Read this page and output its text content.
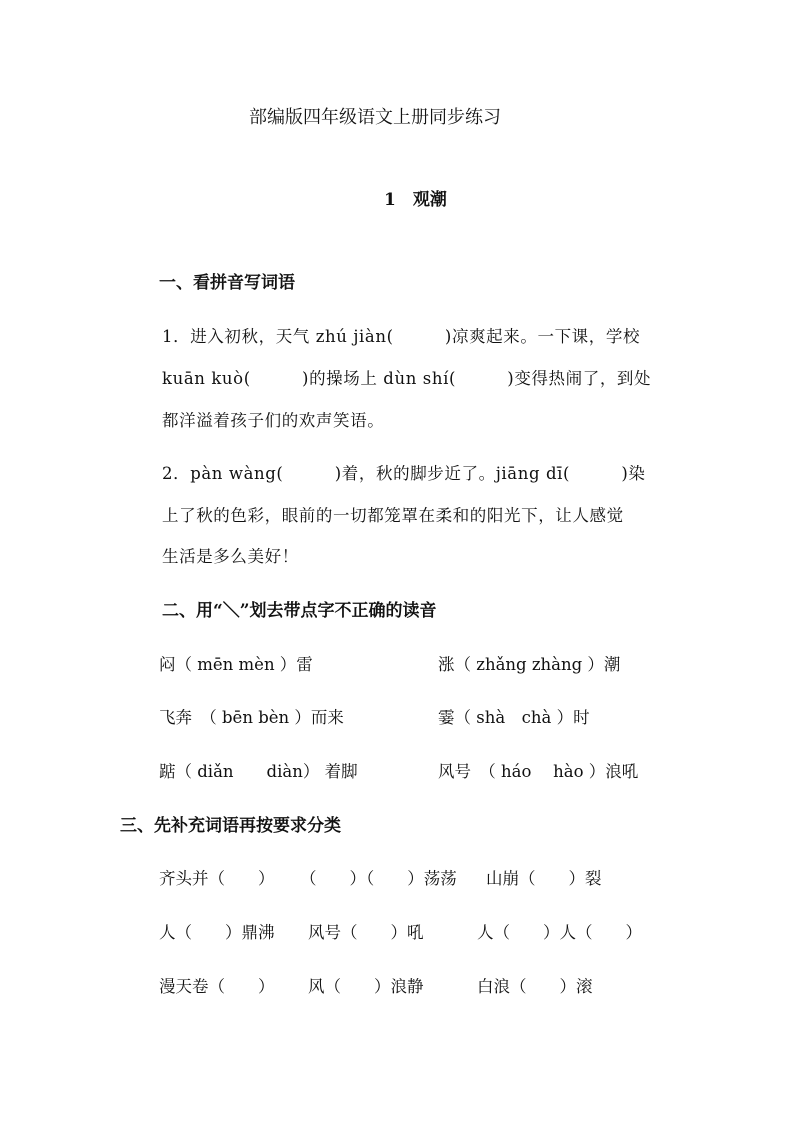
部编版四年级语文上册同步练习
1　观潮
一、看拼音写词语
1．进入初秋，天气 zhú jiàn(　　　)凉爽起来。一下课，学校
kuān kuò(　　　)的操场上 dùn shí(　　　)变得热闹了，到处
都洋溢着孩子们的欢声笑语。
2．pàn wàng(　　　)着，秋的脚步近了。jiāng dī(　　　)染
上了秋的色彩，眼前的一切都笼罩在柔和的阳光下，让人感觉
生活是多么美好！
二、用“＼”划去带点字不正确的读音
闷（ mēn mèn ）雷	涨（ zhǎng zhàng ）潮
飞奔　（ bēn bèn ）而来	霎（ shà　chà ）时
踮（ diǎn　　diàn） 着脚	风号　（ háo　 hào ）浪吼
三、先补充词语再按要求分类
齐头并（　　） （　　）（　　）荡荡 山崩（　　）裂
人（　　）鼎沸 风号（　　）吼	人（　　）人（　　）
漫天卷（　　） 风（　　）浪静	白浪（　　）滚
